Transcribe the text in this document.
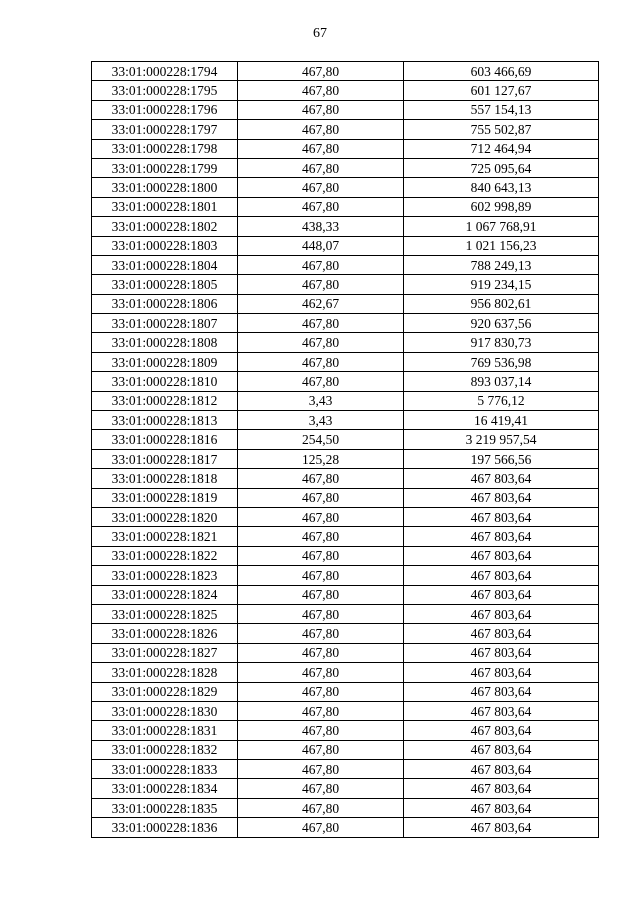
67
33:01:000228:1794	467,80	603 466,69
33:01:000228:1795	467,80	601 127,67
33:01:000228:1796	467,80	557 154,13
33:01:000228:1797	467,80	755 502,87
33:01:000228:1798	467,80	712 464,94
33:01:000228:1799	467,80	725 095,64
33:01:000228:1800	467,80	840 643,13
33:01:000228:1801	467,80	602 998,89
33:01:000228:1802	438,33	1 067 768,91
33:01:000228:1803	448,07	1 021 156,23
33:01:000228:1804	467,80	788 249,13
33:01:000228:1805	467,80	919 234,15
33:01:000228:1806	462,67	956 802,61
33:01:000228:1807	467,80	920 637,56
33:01:000228:1808	467,80	917 830,73
33:01:000228:1809	467,80	769 536,98
33:01:000228:1810	467,80	893 037,14
33:01:000228:1812	3,43	5 776,12
33:01:000228:1813	3,43	16 419,41
33:01:000228:1816	254,50	3 219 957,54
33:01:000228:1817	125,28	197 566,56
33:01:000228:1818	467,80	467 803,64
33:01:000228:1819	467,80	467 803,64
33:01:000228:1820	467,80	467 803,64
33:01:000228:1821	467,80	467 803,64
33:01:000228:1822	467,80	467 803,64
33:01:000228:1823	467,80	467 803,64
33:01:000228:1824	467,80	467 803,64
33:01:000228:1825	467,80	467 803,64
33:01:000228:1826	467,80	467 803,64
33:01:000228:1827	467,80	467 803,64
33:01:000228:1828	467,80	467 803,64
33:01:000228:1829	467,80	467 803,64
33:01:000228:1830	467,80	467 803,64
33:01:000228:1831	467,80	467 803,64
33:01:000228:1832	467,80	467 803,64
33:01:000228:1833	467,80	467 803,64
33:01:000228:1834	467,80	467 803,64
33:01:000228:1835	467,80	467 803,64
33:01:000228:1836	467,80	467 803,64
